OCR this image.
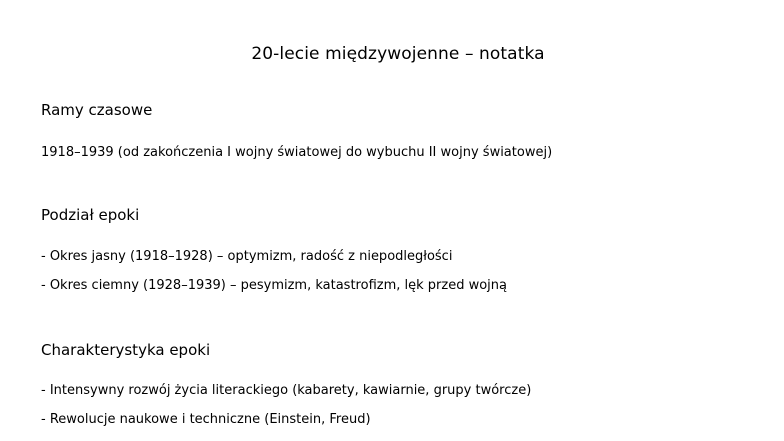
20-lecie międzywojenne – notatka
Ramy czasowe
1918–1939 (od zakończenia I wojny światowej do wybuchu II wojny światowej)
Podział epoki
- Okres jasny (1918–1928) – optymizm, radość z niepodległości
- Okres ciemny (1928–1939) – pesymizm, katastrofizm, lęk przed wojną
Charakterystyka epoki
- Intensywny rozwój życia literackiego (kabarety, kawiarnie, grupy twórcze)
- Rewolucje naukowe i techniczne (Einstein, Freud)
